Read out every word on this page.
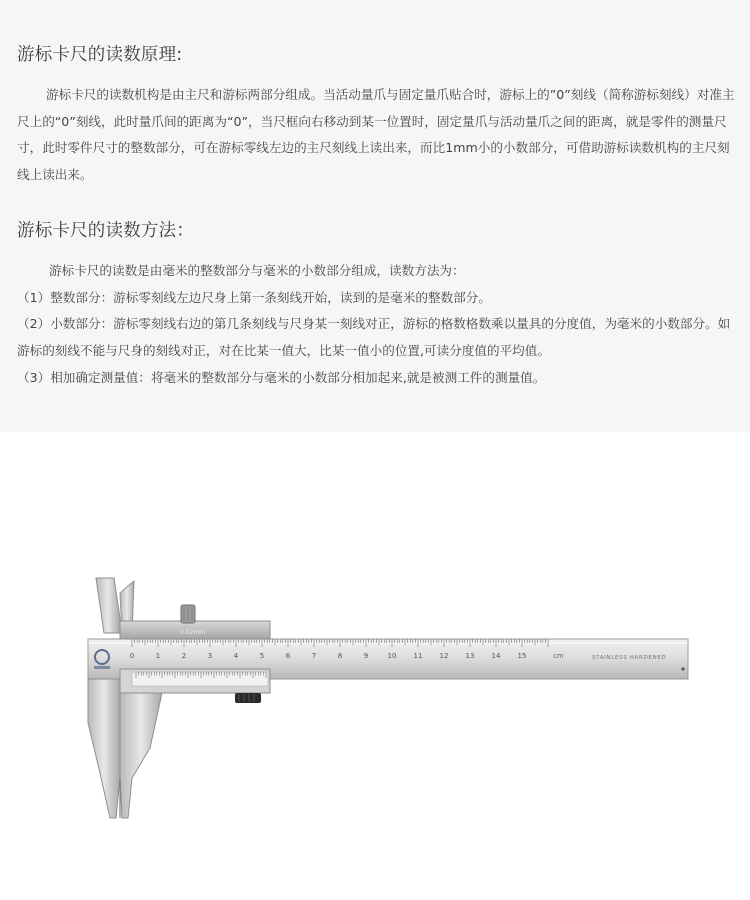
游标卡尺的读数原理:
游标卡尺的读数机构是由主尺和游标两部分组成。当活动量爪与固定量爪贴合时，游标上的”0”刻线（简称游标刻线）对准主尺上的“0”刻线，此时量爪间的距离为“0”，当尺框向右移动到某一位置时，固定量爪与活动量爪之间的距离，就是零件的测量尺寸，此时零件尺寸的整数部分，可在游标零线左边的主尺刻线上读出来，而比1mm小的小数部分，可借助游标读数机构的主尺刻线上读出来。
游标卡尺的读数方法：

游标卡尺的读数是由毫米的整数部分与毫米的小数部分组成，读数方法为：

（1）整数部分：游标零刻线左边尺身上第一条刻线开始，读到的是毫米的整数部分。

（2）小数部分：游标零刻线右边的第几条刻线与尺身某一刻线对正，游标的格数格数乘以量具的分度值，为毫米的小数部分。如游标的刻线不能与尺身的刻线对正，对在比某一值大，比某一值小的位置,可读分度值的平均值。

（3）相加确定测量值：将毫米的整数部分与毫米的小数部分相加起来,就是被测工件的测量值。

0	1	2	3	4	5	6	7	8	9	10 11 12 13 14 15	cm	STAINLESS HARDENED
0.02mm
